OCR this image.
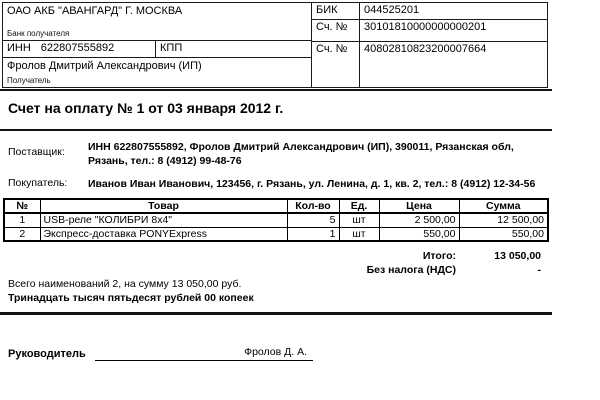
ОАО АКБ "АВАНГАРД" Г. МОСКВА
Банк получателя
ИНН 622807555892	КПП
Фролов Дмитрий Александрович (ИП)
Получатель
БИК	044525201
Сч. №	30101810000000000201
Сч. №	40802810823200007664
Счет на оплату № 1 от 03 января 2012 г.
Поставщик: ИНН 622807555892, Фролов Дмитрий Александрович (ИП), 390011, Рязанская обл, Рязань, тел.: 8 (4912) 99-48-76
Покупатель: Иванов Иван Иванович, 123456, г. Рязань, ул. Ленина, д. 1, кв. 2, тел.: 8 (4912) 12-34-56
№	Товар	Кол-во	Ед.	Цена	Сумма
1	USB-реле "КОЛИБРИ 8х4"	5	шт	2 500,00	12 500,00
2	Экспресс-доставка PONYExpress	1	шт	550,00	550,00
Итого:	13 050,00
Без налога (НДС)	-
Всего наименований 2, на сумму 13 050,00 руб.
Тринадцать тысяч пятьдесят рублей 00 копеек
Руководитель	Фролов Д. А.
